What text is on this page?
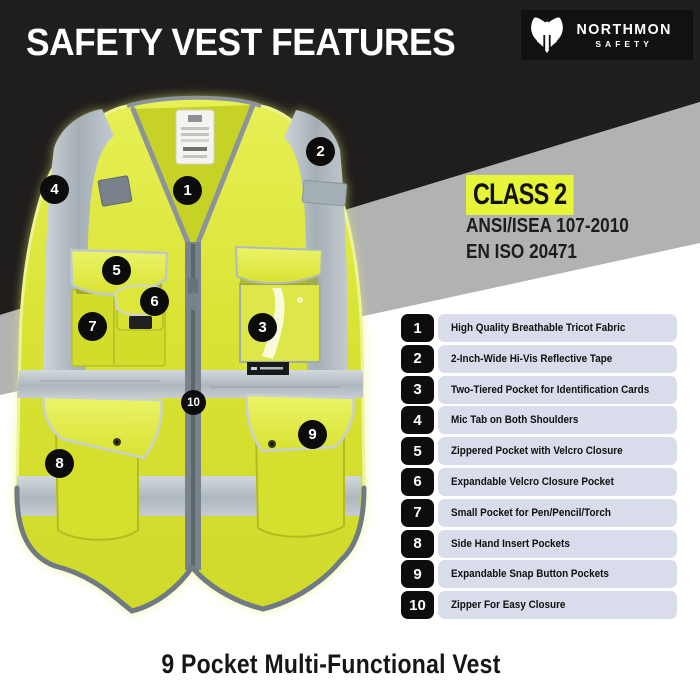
SAFETY VEST FEATURES	NORTHMON
SAFETY
1
2
3
4
5
6
7
8
9
10
CLASS 2
ANSI/ISEA 107-2010
EN ISO 20471
1	High Quality Breathable Tricot Fabric
2	2-Inch-Wide Hi-Vis Reflective Tape
3	Two-Tiered Pocket for Identification Cards
4	Mic Tab on Both Shoulders
5	Zippered Pocket with Velcro Closure
6	Expandable Velcro Closure Pocket
7	Small Pocket for Pen/Pencil/Torch
8	Side Hand Insert Pockets
9	Expandable Snap Button Pockets
10	Zipper For Easy Closure
9 Pocket Multi-Functional Vest
